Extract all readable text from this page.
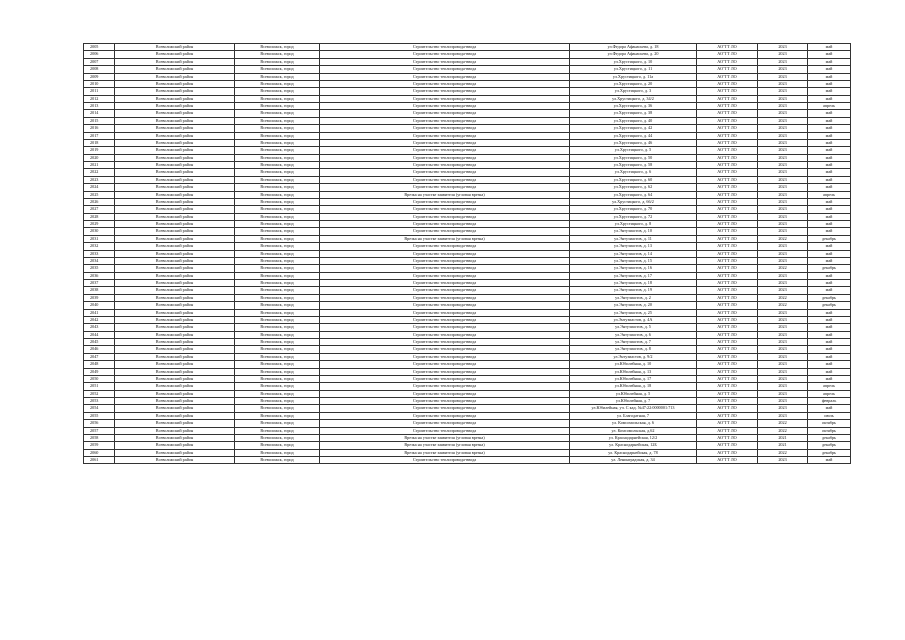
2005	Всеволожский район	Всеволожск, город	Строительство теплопровода-ввода	ул.Федора Афанасьева, д. 18	АО"ГТ ЛО	2023	май
2006	Всеволожский район	Всеволожск, город	Строительство теплопровода-ввода	ул.Федора Афанасьева, д. 20	АО"ГТ ЛО	2023	май
2007	Всеволожский район	Всеволожск, город	Строительство теплопровода-ввода	ул.Хрустицкого, д. 10	АО"ГТ ЛО	2023	май
2008	Всеволожский район	Всеволожск, город	Строительство теплопровода-ввода	ул.Хрустицкого, д. 11	АО"ГТ ЛО	2023	май
2009	Всеволожский район	Всеволожск, город	Строительство теплопровода-ввода	ул.Хрустицкого, д. 11а	АО"ГТ ЛО	2023	май
2010	Всеволожский район	Всеволожск, город	Строительство теплопровода-ввода	ул.Хрустицкого, д. 20	АО"ГТ ЛО	2023	май
2011	Всеволожский район	Всеволожск, город	Строительство теплопровода-ввода	ул.Хрустицкого, д. 3	АО"ГТ ЛО	2023	май
2012	Всеволожский район	Всеволожск, город	Строительство теплопровода-ввода	ул.Хрустицкого, д. 34/2	АО"ГТ ЛО	2023	май
2013	Всеволожский район	Всеволожск, город	Строительство теплопровода-ввода	ул.Хрустицкого, д. 36	АО"ГТ ЛО	2023	апрель
2014	Всеволожский район	Всеволожск, город	Строительство теплопровода-ввода	ул.Хрустицкого, д. 38	АО"ГТ ЛО	2023	май
2015	Всеволожский район	Всеволожск, город	Строительство теплопровода-ввода	ул.Хрустицкого, д. 40	АО"ГТ ЛО	2023	май
2016	Всеволожский район	Всеволожск, город	Строительство теплопровода-ввода	ул.Хрустицкого, д. 42	АО"ГТ ЛО	2023	май
2017	Всеволожский район	Всеволожск, город	Строительство теплопровода-ввода	ул.Хрустицкого, д. 44	АО"ГТ ЛО	2023	май
2018	Всеволожский район	Всеволожск, город	Строительство теплопровода-ввода	ул.Хрустицкого, д. 46	АО"ГТ ЛО	2023	май
2019	Всеволожский район	Всеволожск, город	Строительство теплопровода-ввода	ул.Хрустицкого, д. 5	АО"ГТ ЛО	2023	май
2020	Всеволожский район	Всеволожск, город	Строительство теплопровода-ввода	ул.Хрустицкого, д. 50	АО"ГТ ЛО	2023	май
2021	Всеволожский район	Всеволожск, город	Строительство теплопровода-ввода	ул.Хрустицкого, д. 58	АО"ГТ ЛО	2023	май
2022	Всеволожский район	Всеволожск, город	Строительство теплопровода-ввода	ул.Хрустицкого, д. 6	АО"ГТ ЛО	2023	май
2023	Всеволожский район	Всеволожск, город	Строительство теплопровода-ввода	ул.Хрустицкого, д. 60	АО"ГТ ЛО	2023	май
2024	Всеволожский район	Всеволожск, город	Строительство теплопровода-ввода	ул.Хрустицкого, д. 62	АО"ГТ ЛО	2023	май
2025	Всеволожский район	Всеволожск, город	Врезка на участке заявителя (угловая врезка)	ул.Хрустицкого, д. 64	АО"ГТ ЛО	2023	апрель
2026	Всеволожский район	Всеволожск, город	Строительство теплопровода-ввода	ул.Хрустицкого, д. 66/2	АО"ГТ ЛО	2023	май
2027	Всеволожский район	Всеволожск, город	Строительство теплопровода-ввода	ул.Хрустицкого, д. 70	АО"ГТ ЛО	2023	май
2028	Всеволожский район	Всеволожск, город	Строительство теплопровода-ввода	ул.Хрустицкого, д. 72	АО"ГТ ЛО	2023	май
2029	Всеволожский район	Всеволожск, город	Строительство теплопровода-ввода	ул.Хрустицкого, д. 8	АО"ГТ ЛО	2023	май
2030	Всеволожский район	Всеволожск, город	Строительство теплопровода-ввода	ул.Энтузиастов, д. 10	АО"ГТ ЛО	2023	май
2031	Всеволожский район	Всеволожск, город	Врезка на участке заявителя (угловая врезка)	ул.Энтузиастов, д. 11	АО"ГТ ЛО	2022	декабрь
2032	Всеволожский район	Всеволожск, город	Строительство теплопровода-ввода	ул.Энтузиастов, д. 13	АО"ГТ ЛО	2023	май
2033	Всеволожский район	Всеволожск, город	Строительство теплопровода-ввода	ул.Энтузиастов, д. 14	АО"ГТ ЛО	2023	май
2034	Всеволожский район	Всеволожск, город	Строительство теплопровода-ввода	ул.Энтузиастов, д. 15	АО"ГТ ЛО	2023	май
2035	Всеволожский район	Всеволожск, город	Строительство теплопровода-ввода	ул.Энтузиастов, д. 16	АО"ГТ ЛО	2022	декабрь
2036	Всеволожский район	Всеволожск, город	Строительство теплопровода-ввода	ул.Энтузиастов, д. 17	АО"ГТ ЛО	2023	май
2037	Всеволожский район	Всеволожск, город	Строительство теплопровода-ввода	ул.Энтузиастов, д. 18	АО"ГТ ЛО	2023	май
2038	Всеволожский район	Всеволожск, город	Строительство теплопровода-ввода	ул.Энтузиастов, д. 19	АО"ГТ ЛО	2023	май
2039	Всеволожский район	Всеволожск, город	Строительство теплопровода-ввода	ул.Энтузиастов, д. 2	АО"ГТ ЛО	2022	декабрь
2040	Всеволожский район	Всеволожск, город	Строительство теплопровода-ввода	ул.Энтузиастов, д. 20	АО"ГТ ЛО	2022	декабрь
2041	Всеволожский район	Всеволожск, город	Строительство теплопровода-ввода	ул.Энтузиастов, д. 25	АО"ГТ ЛО	2023	май
2042	Всеволожский район	Всеволожск, город	Строительство теплопровода-ввода	ул.Энтузиастов, д. 4А	АО"ГТ ЛО	2023	май
2043	Всеволожский район	Всеволожск, город	Строительство теплопровода-ввода	ул.Энтузиастов, д. 5	АО"ГТ ЛО	2023	май
2044	Всеволожский район	Всеволожск, город	Строительство теплопровода-ввода	ул.Энтузиастов, д. 6	АО"ГТ ЛО	2023	май
2045	Всеволожский район	Всеволожск, город	Строительство теплопровода-ввода	ул.Энтузиастов, д. 7	АО"ГТ ЛО	2023	май
2046	Всеволожский район	Всеволожск, город	Строительство теплопровода-ввода	ул.Энтузиастов, д. 8	АО"ГТ ЛО	2023	май
2047	Всеволожский район	Всеволожск, город	Строительство теплопровода-ввода	ул.Энтузиастов, д. 9/2	АО"ГТ ЛО	2023	май
2048	Всеволожский район	Всеволожск, город	Строительство теплопровода-ввода	ул.Юбилейная, д. 10	АО"ГТ ЛО	2023	май
2049	Всеволожский район	Всеволожск, город	Строительство теплопровода-ввода	ул.Юбилейная, д. 13	АО"ГТ ЛО	2023	май
2050	Всеволожский район	Всеволожск, город	Строительство теплопровода-ввода	ул.Юбилейная, д. 17	АО"ГТ ЛО	2023	май
2051	Всеволожский район	Всеволожск, город	Строительство теплопровода-ввода	ул.Юбилейная, д. 18	АО"ГТ ЛО	2023	апрель
2052	Всеволожский район	Всеволожск, город	Строительство теплопровода-ввода	ул.Юбилейная, д. 5	АО"ГТ ЛО	2023	апрель
2053	Всеволожский район	Всеволожск, город	Строительство теплопровода-ввода	ул.Юбилейная, д. 7	АО"ГТ ЛО	2023	февраль
2054	Всеволожский район	Всеволожск, город	Строительство теплопровода-ввода	ул.Юбилейная, уч. С кад. №47:22:0000001:713	АО"ГТ ЛО	2023	май
2055	Всеволожский район	Всеволожск, город	Строительство теплопровода-ввода	ул. Благодатная, 7	АО"ГТ ЛО	2023	июль
2056	Всеволожский район	Всеволожск, город	Строительство теплопровода-ввода	ул. Комсомольская, д. 6	АО"ГТ ЛО	2022	октябрь
2057	Всеволожский район	Всеволожск, город	Строительство теплопровода-ввода	ул. Комсомольская, д.62	АО"ГТ ЛО	2022	октябрь
2058	Всеволожский район	Всеволожск, город	Врезка на участке заявителя (угловая врезка)	ул. Краснодарнейская, 12/2	АО"ГТ ЛО	2021	декабрь
2059	Всеволожский район	Всеволожск, город	Врезка на участке заявителя (угловая врезка)	ул. Краснодарнейская, 12Б	АО"ГТ ЛО	2021	декабрь
2060	Всеволожский район	Всеволожск, город	Врезка на участке заявителя (угловая врезка)	ул. Краснодарнейская, д. 78	АО"ГТ ЛО	2022	декабрь
2061	Всеволожский район	Всеволожск, город	Строительство теплопровода-ввода	ул. Ленинградская, д. 34	АО"ГТ ЛО	2023	май
